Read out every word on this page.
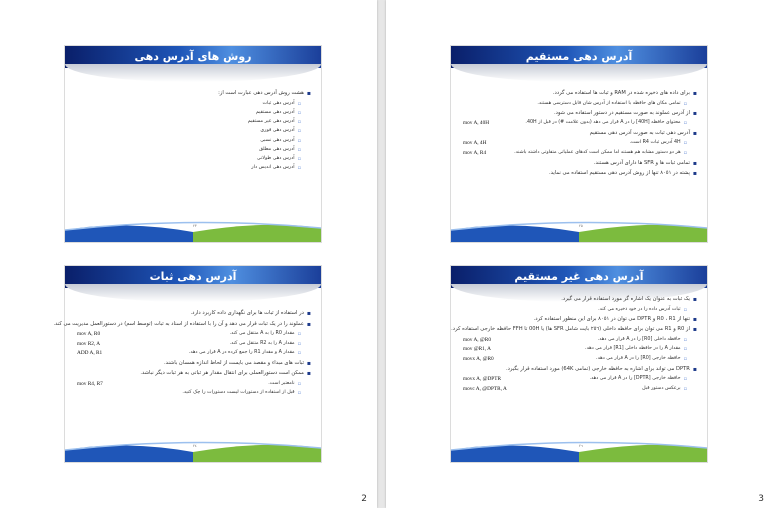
روش های آدرس دهی
▪
هشت روش آدرس دهی عبارت است از:
▫
آدرس دهی ثبات
▫
آدرس دهی مستقیم
▫
آدرس دهی غیر مستقیم
▫
آدرس دهی فوری
▫
آدرس دهی نسبی
▫
آدرس دهی مطلق
▫
آدرس دهی طولانی
▫
آدرس دهی اندیس دار
٢٣
آدرس دهی ثبات
▪
در استفاده از ثبات ها برای نگهداری داده کاربرد دارد.
▪
عملوند را در یک ثبات قرار می دهد و آن را با استفاده از اسناد به ثبات (توسط اسم) در دستورالعمل مدیریت می کند.
▫
مقدار R0 را به A منتقل می کند.
mov A, R0
▫
مقدار A را به R2 منتقل می کند.
mov R2, A
▫
مقدار A و مقدار R1 را جمع کرده در A قرار می دهد.
ADD A, R1
▪
ثبات های مبداء و مقصد می بایست از لحاظ اندازه همسان باشند.
▪
ممکن است دستورالعملی برای انتقال مقدار هر ثباتی به هر ثبات دیگر نباشد.
▫
نامعتبر است.
mov R4, R7
▫
قبل از استفاده از دستورات لیست دستورات را چک کنید.
٢٤
2
آدرس دهی مستقیم
▪
برای داده های ذخیره شده در RAM و ثبات ها استفاده می گردد.
▫
تمامی مکان های حافظه با استفاده از آدرس شان قابل دسترسی هستند.
▪
از آدرس عملوند به صورت مستقیم در دستور استفاده می شود.
▫
محتوای حافظه [40H] را در A قرار می دهد (بدون علامت #) در قبل از 40H.
mov A, 40H
▪
آدرس دهی ثبات به صورت آدرس دهی مستقیم
▫
4H آدرس ثبات R4 است.
mov A, 4H
▫
هر دو دستور مشابه هم هستند اما ممکن است کدهای عملیاتی متفاوتی داشته باشند.
mov A, R4
▪
تمامی ثبات ها و SFR ها دارای آدرس هستند.
▪
پشته در ٨٠٥١ تنها از روش آدرس دهی مستقیم استفاده می نماید.
٢٥
آدرس دهی غیر مستقیم
▪
یک ثبات به عنوان یک اشاره گر مورد استفاده قرار می گیرد.
▫
ثبات آدرس داده را در خود ذخیره می کند.
▪
تنها از R0 ، R1 و DPTR می توان در ٨٠٥١ برای این منظور استفاده کرد.
▪
از R0 و R1 می توان برای حافظه داخلی (٢٥٦ بایت شامل SFR ها) یا 00H تا FFH حافظه خارجی استفاده کرد.
▫
حافظه داخلی [R0] را در A قرار می دهد.
mov A, @R0
▫
مقدار A را در حافظه داخلی [R1] قرار می دهد.
mov @R1, A
▫
حافظه خارجی [R0] را در A قرار می دهد.
movx A, @R0
▪
DPTR می تواند برای اشاره به حافظه خارجی (تمامی 64K) مورد استفاده قرار بگیرد.
▫
حافظه خارجی [DPTR] را در A قرار می دهد.
movx A, @DPTR
▫
برعکس دستور قبل
movc A, @DPTR, A
٢٦
3
